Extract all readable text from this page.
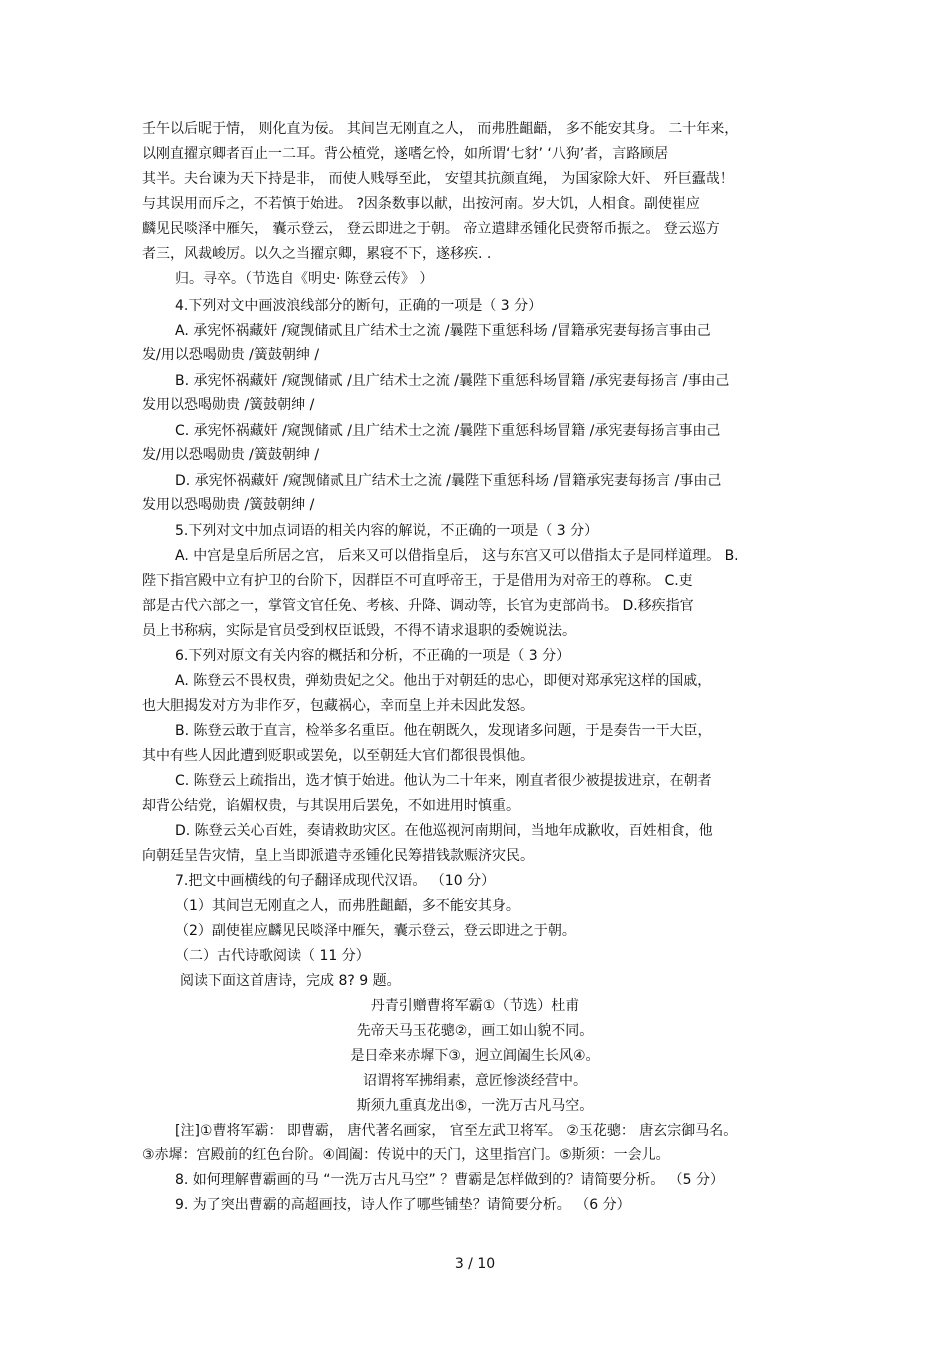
壬午以后昵于情， 则化直为佞。 其间岂无刚直之人， 而弗胜齟齬， 多不能安其身。 二十年来，
以刚直擢京卿者百止一二耳。背公植党，遂嗜乞怜，如所谓‘七豺’ ‘八狗’者，言路顾居
其半。夫台谏为天下持是非， 而使人贱辱至此， 安望其抗颜直绳， 为国家除大奸、 歼巨蠹哉！
与其误用而斥之，不若慎于始进。 ?因条数事以献，出按河南。岁大饥，人相食。副使崔应
麟见民啖泽中雁矢， 囊示登云， 登云即进之于朝。 帝立遣肆丞锺化民赍帑币振之。 登云巡方
者三，风裁峻厉。以久之当擢京卿，累寝不下，遂移疾. .
归。寻卒。（节选自《明史· 陈登云传》 ）
4.下列对文中画波浪线部分的断句，正确的一项是（ 3 分）
A. 承宪怀祸藏奸 /窥觊储贰且广结术士之流 /曩陛下重惩科场 /冒籍承宪妻每扬言事由己
发/用以恐喝勋贵 /簧鼓朝绅 /
B. 承宪怀祸藏奸 /窥觊储贰 /且广结术士之流 /曩陛下重惩科场冒籍 /承宪妻每扬言 /事由己
发用以恐喝勋贵 /簧鼓朝绅 /
C. 承宪怀祸藏奸 /窥觊储贰 /且广结术士之流 /曩陛下重惩科场冒籍 /承宪妻每扬言事由己
发/用以恐喝勋贵 /簧鼓朝绅 /
D. 承宪怀祸藏奸 /窥觊储贰且广结术士之流 /曩陛下重惩科场 /冒籍承宪妻每扬言 /事由己
发用以恐喝勋贵 /簧鼓朝绅 /
5.下列对文中加点词语的相关内容的解说，不正确的一项是（ 3 分）
A. 中宫是皇后所居之宫， 后来又可以借指皇后， 这与东宫又可以借指太子是同样道理。 B.
陛下指宫殿中立有护卫的台阶下，因群臣不可直呼帝王，于是借用为对帝王的尊称。 C.吏
部是古代六部之一，掌管文官任免、考核、升降、调动等，长官为吏部尚书。 D.移疾指官
员上书称病，实际是官员受到权臣诋毁，不得不请求退职的委婉说法。
6.下列对原文有关内容的概括和分析，不正确的一项是（ 3 分）
A. 陈登云不畏权贵，弹劾贵妃之父。他出于对朝廷的忠心，即便对郑承宪这样的国戚，
也大胆揭发对方为非作歹，包藏祸心，幸而皇上并未因此发怒。
B. 陈登云敢于直言，检举多名重臣。他在朝既久，发现诸多问题，于是奏告一干大臣，
其中有些人因此遭到贬职或罢免，以至朝廷大官们都很畏惧他。
C. 陈登云上疏指出，选才慎于始进。他认为二十年来，刚直者很少被提拔进京，在朝者
却背公结党，谄媚权贵，与其误用后罢免，不如进用时慎重。
D. 陈登云关心百姓，奏请救助灾区。在他巡视河南期间，当地年成歉收，百姓相食，他
向朝廷呈告灾情，皇上当即派遣寺丞锺化民筹措钱款赈济灾民。
7.把文中画横线的句子翻译成现代汉语。 （10 分）
（1）其间岂无刚直之人，而弗胜齟齬，多不能安其身。
（2）副使崔应麟见民啖泽中雁矢，囊示登云，登云即进之于朝。
（二）古代诗歌阅读（ 11 分）
阅读下面这首唐诗，完成 8? 9 题。
丹青引赠曹将军霸①（节选）杜甫
先帝天马玉花骢②，画工如山貌不同。
是日牵来赤墀下③，迥立阊阖生长风④。
诏谓将军拂绢素，意匠惨淡经营中。
斯须九重真龙出⑤，一洗万古凡马空。
[注]①曹将军霸： 即曹霸， 唐代著名画家， 官至左武卫将军。 ②玉花骢： 唐玄宗御马名。
③赤墀：宫殿前的红色台阶。④阊阖：传说中的天门，这里指宫门。⑤斯须：一会儿。
8. 如何理解曹霸画的马 “一洗万古凡马空” ？曹霸是怎样做到的？请简要分析。 （5 分）
9. 为了突出曹霸的高超画技，诗人作了哪些铺垫？请简要分析。 （6 分）
3 / 10
